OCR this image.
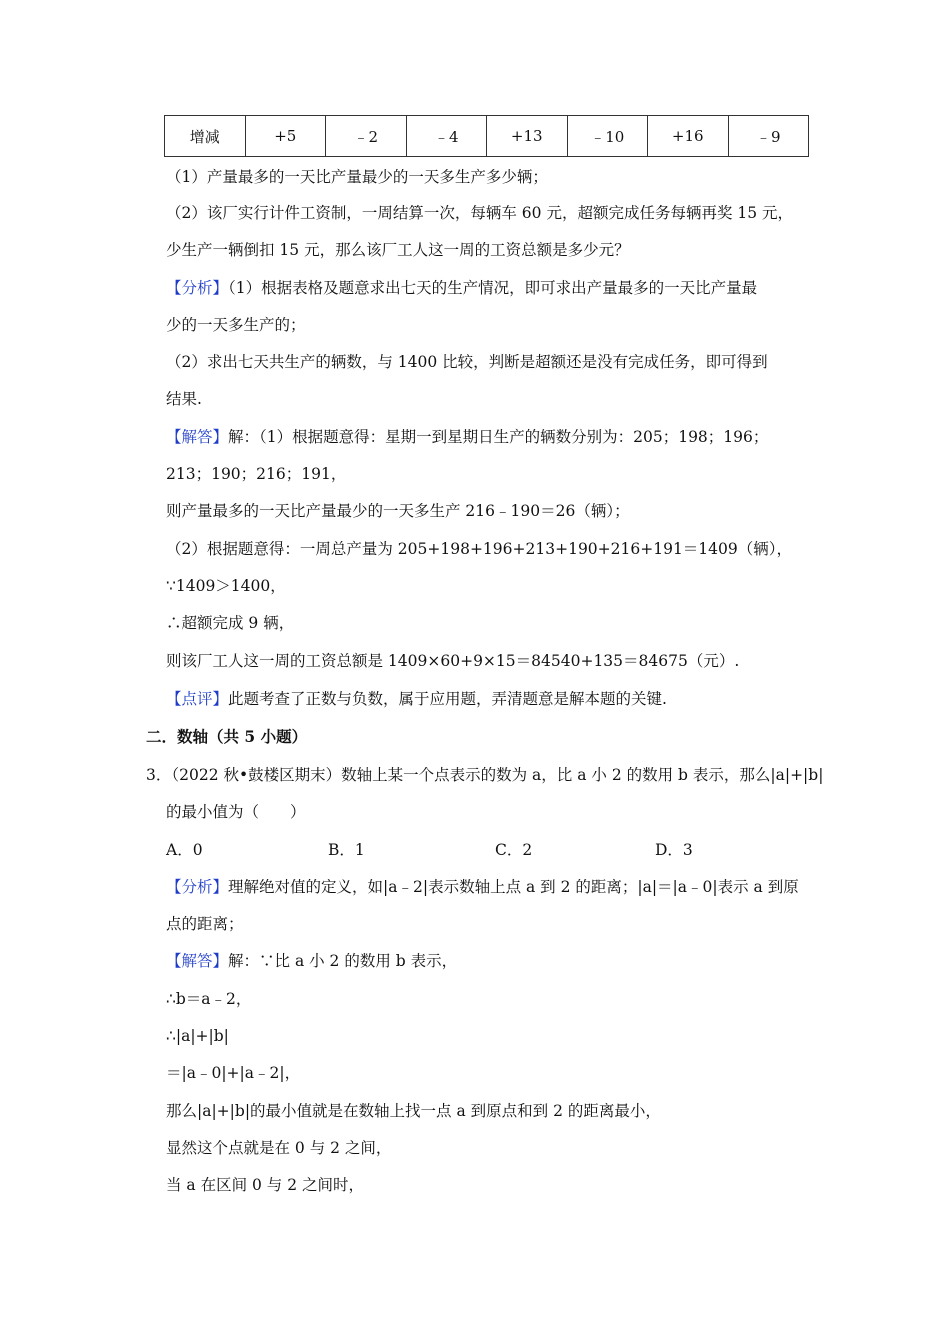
增减	+5	﹣2	﹣4	+13	﹣10	+16	﹣9
（1）产量最多的一天比产量最少的一天多生产多少辆；
（2）该厂实行计件工资制，一周结算一次，每辆车 60 元，超额完成任务每辆再奖 15 元，
少生产一辆倒扣 15 元，那么该厂工人这一周的工资总额是多少元？
【分析】（1）根据表格及题意求出七天的生产情况，即可求出产量最多的一天比产量最
少的一天多生产的；
（2）求出七天共生产的辆数，与 1400 比较，判断是超额还是没有完成任务，即可得到
结果.
【解答】解：（1）根据题意得：星期一到星期日生产的辆数分别为：205；198；196；
213；190；216；191，
则产量最多的一天比产量最少的一天多生产 216﹣190＝26（辆）；
（2）根据题意得：一周总产量为 205+198+196+213+190+216+191＝1409（辆），
∵1409＞1400，
∴超额完成 9 辆，
则该厂工人这一周的工资总额是 1409×60+9×15＝84540+135＝84675（元）.
【点评】此题考查了正数与负数，属于应用题，弄清题意是解本题的关键.
二．数轴（共 5 小题）
3．（2022 秋•鼓楼区期末）数轴上某一个点表示的数为 a，比 a 小 2 的数用 b 表示，那么|a|+|b|
的最小值为（　　）
A．0	B．1	C．2	D．3
【分析】理解绝对值的定义，如|a﹣2|表示数轴上点 a 到 2 的距离；|a|＝|a﹣0|表示 a 到原
点的距离；
【解答】解：∵比 a 小 2 的数用 b 表示，
∴b＝a﹣2，
∴|a|+|b|
＝|a﹣0|+|a﹣2|，
那么|a|+|b|的最小值就是在数轴上找一点 a 到原点和到 2 的距离最小，
显然这个点就是在 0 与 2 之间，
当 a 在区间 0 与 2 之间时，
